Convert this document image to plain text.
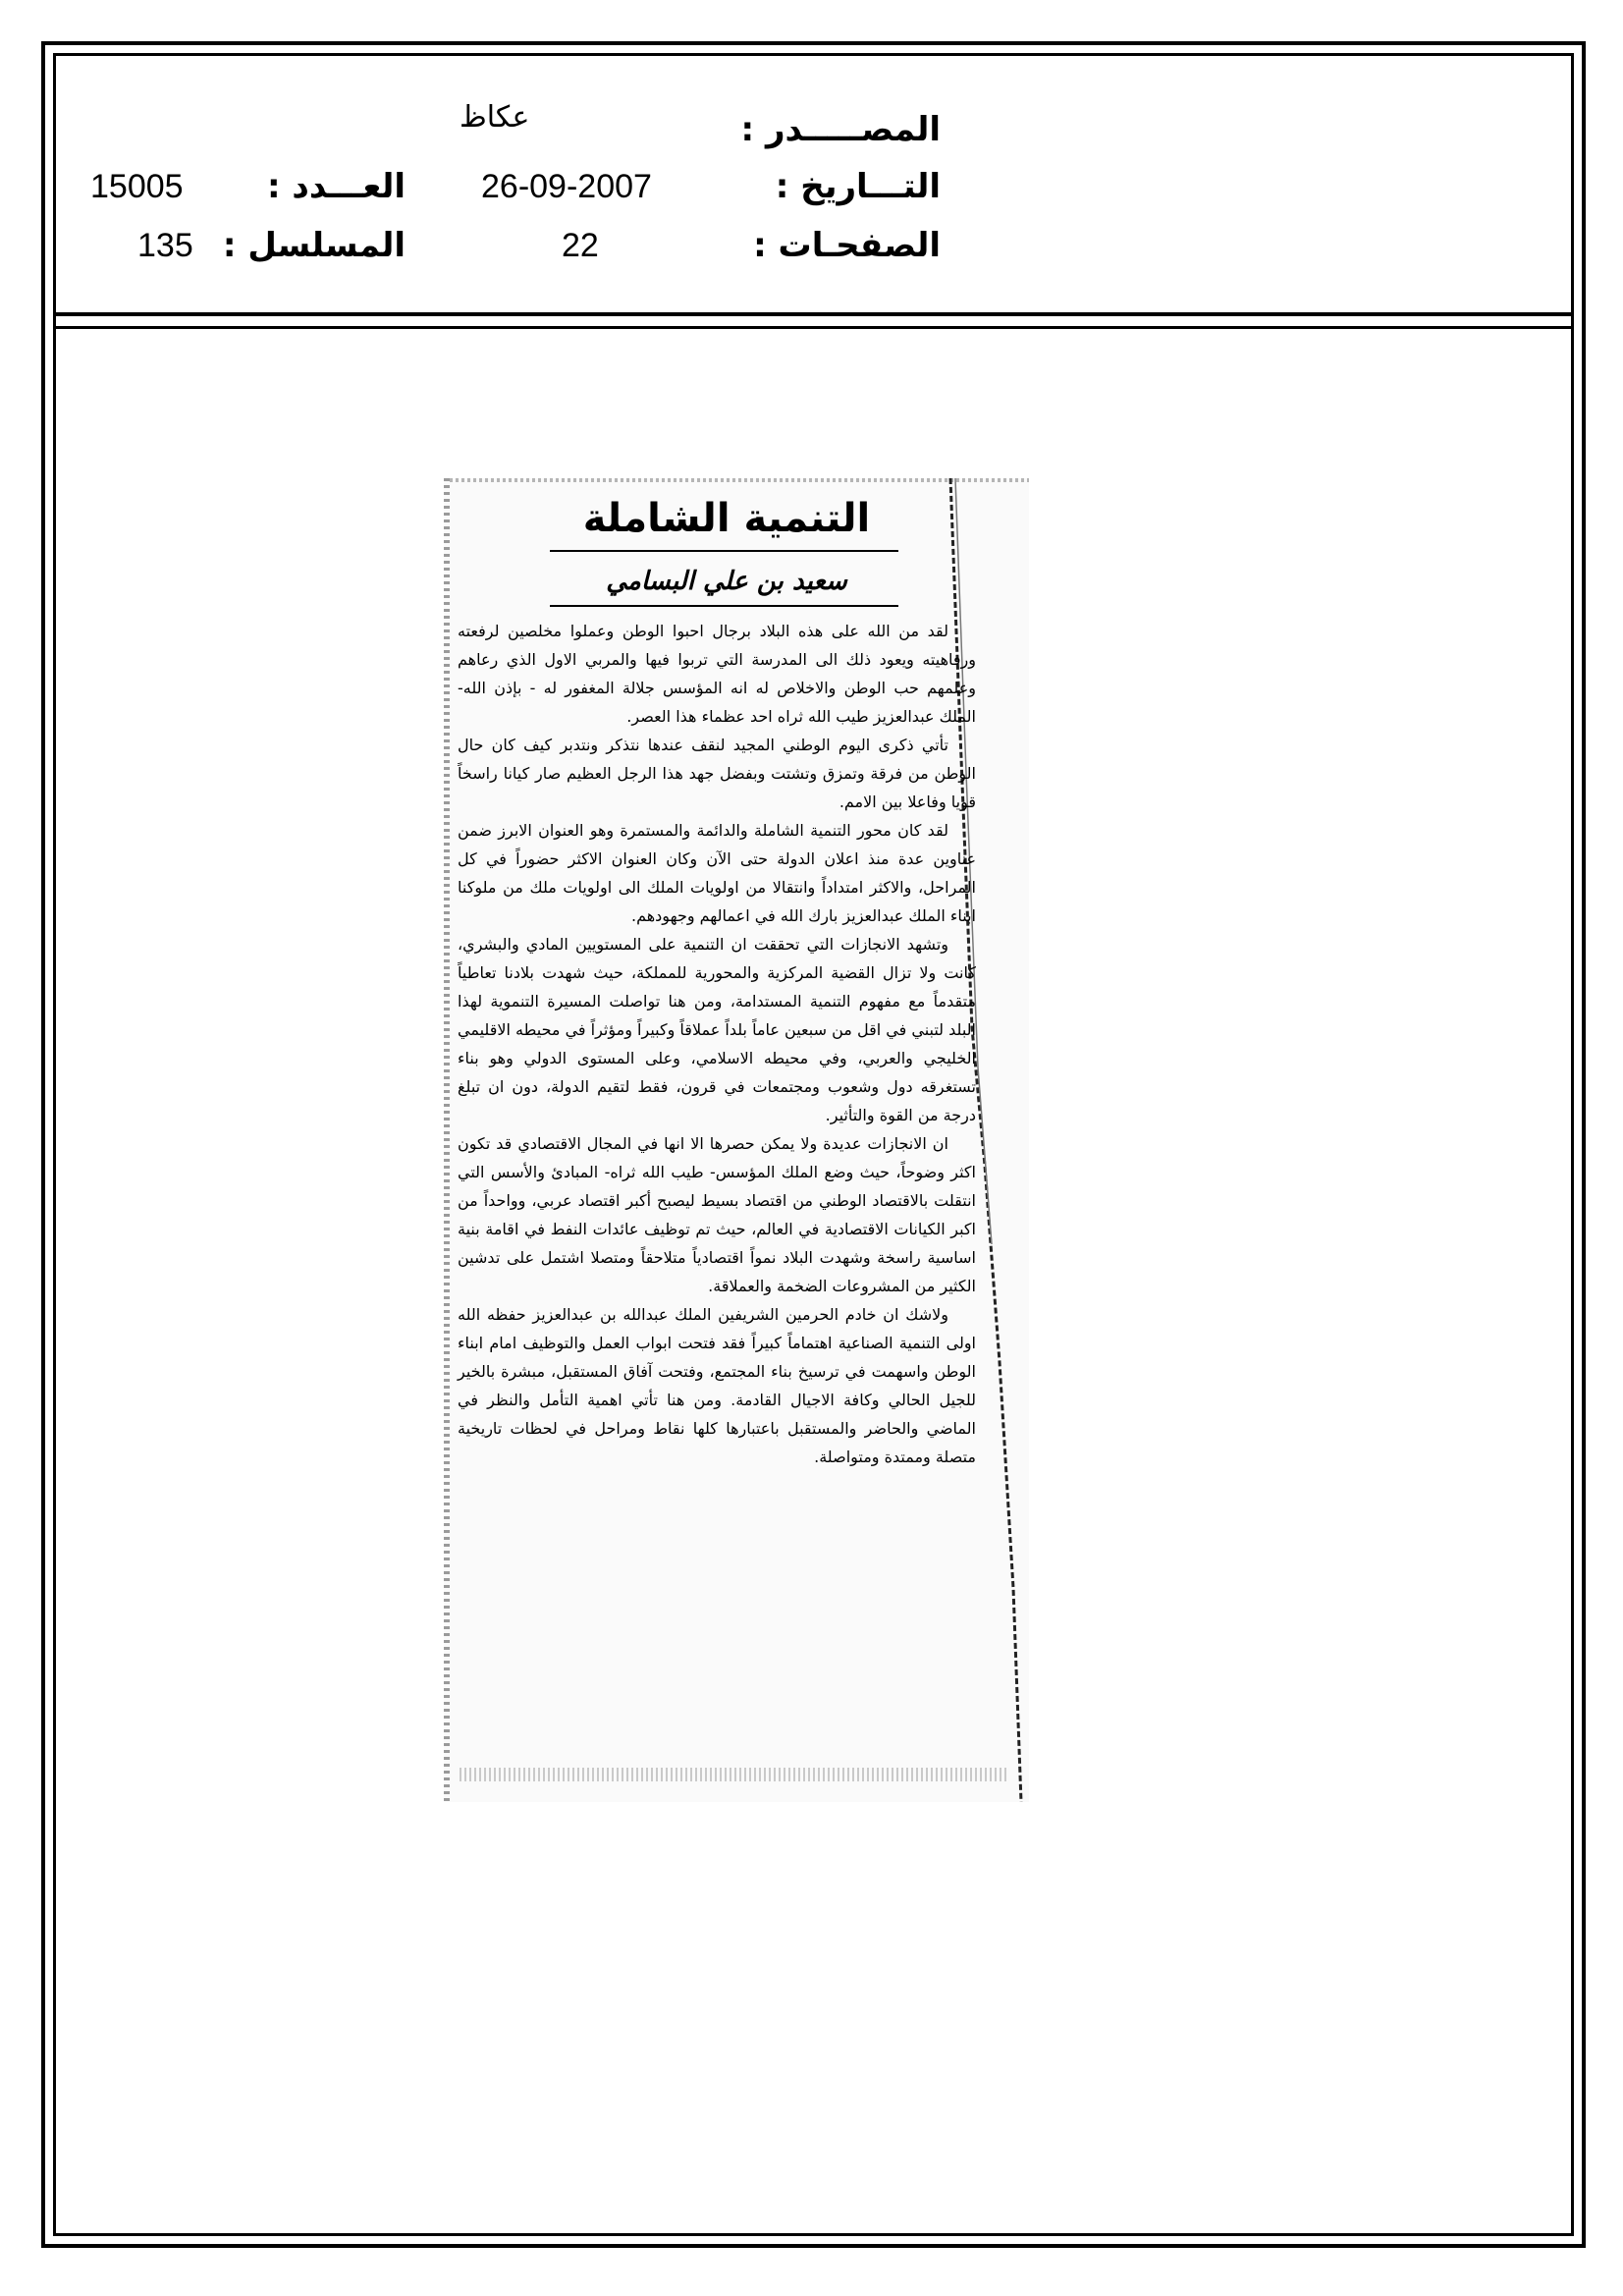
المصـــــدر :
التـــاريخ :
الصفحـات :
عكاظ
26-09-2007
22
العـــدد :
المسلسل :
15005
135
التنمية الشاملة
سعيد بن علي البسامي

لقد من الله على هذه البلاد برجال احبوا الوطن وعملوا مخلصين لرفعته ورفاهيته ويعود ذلك الى المدرسة التي تربوا فيها والمربي الاول الذي رعاهم وعلمهم حب الوطن والاخلاص له انه المؤسس جلالة المغفور له - بإذن الله- الملك عبدالعزيز طيب الله ثراه احد عظماء هذا العصر.

تأتي ذكرى اليوم الوطني المجيد لنقف عندها نتذكر ونتدبر كيف كان حال الوطن من فرقة وتمزق وتشتت وبفضل جهد هذا الرجل العظيم صار كيانا راسخاً قويا وفاعلا بين الامم.

لقد كان محور التنمية الشاملة والدائمة والمستمرة وهو العنوان الابرز ضمن عناوين عدة منذ اعلان الدولة حتى الآن وكان العنوان الاكثر حضوراً في كل المراحل، والاكثر امتداداً وانتقالا من اولويات الملك الى اولويات ملك من ملوكنا ابناء الملك عبدالعزيز بارك الله في اعمالهم وجهودهم.

وتشهد الانجازات التي تحققت ان التنمية على المستويين المادي والبشري، كانت ولا تزال القضية المركزية والمحورية للمملكة، حيث شهدت بلادنا تعاطياً متقدماً مع مفهوم التنمية المستدامة، ومن هنا تواصلت المسيرة التنموية لهذا البلد لتبني في اقل من سبعين عاماً بلداً عملاقاً وكبيراً ومؤثراً في محيطه الاقليمي الخليجي والعربي، وفي محيطه الاسلامي، وعلى المستوى الدولي وهو بناء تستغرقه دول وشعوب ومجتمعات في قرون، فقط لتقيم الدولة، دون ان تبلغ درجة من القوة والتأثير.

ان الانجازات عديدة ولا يمكن حصرها الا انها في المجال الاقتصادي قد تكون اكثر وضوحاً، حيث وضع الملك المؤسس- طيب الله ثراه- المبادئ والأسس التي انتقلت بالاقتصاد الوطني من اقتصاد بسيط ليصبح أكبر اقتصاد عربي، وواحداً من اكبر الكيانات الاقتصادية في العالم، حيث تم توظيف عائدات النفط في اقامة بنية اساسية راسخة وشهدت البلاد نمواً اقتصادياً متلاحقاً ومتصلا اشتمل على تدشين الكثير من المشروعات الضخمة والعملاقة.

ولاشك ان خادم الحرمين الشريفين الملك عبدالله بن عبدالعزيز حفظه الله اولى التنمية الصناعية اهتماماً كبيراً فقد فتحت ابواب العمل والتوظيف امام ابناء الوطن واسهمت في ترسيخ بناء المجتمع، وفتحت آفاق المستقبل، مبشرة بالخير للجيل الحالي وكافة الاجيال القادمة. ومن هنا تأتي اهمية التأمل والنظر في الماضي والحاضر والمستقبل باعتبارها كلها نقاط ومراحل في لحظات تاريخية متصلة وممتدة ومتواصلة.
